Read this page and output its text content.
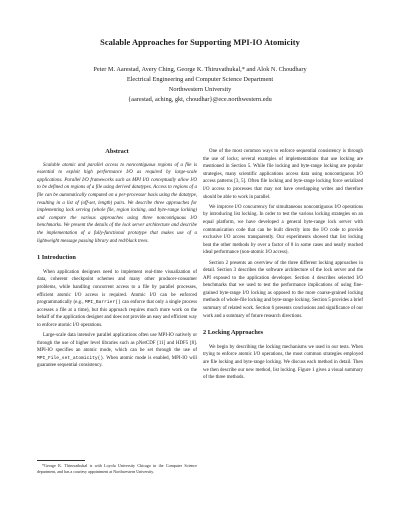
Scalable Approaches for Supporting MPI-IO Atomicity
Peter M. Aarestad, Avery Ching, George K. Thiruvathukal,* and Alok N. Choudhary
Electrical Engineering and Computer Science Department
Northwestern University
{aarestad, aching, gkt, choudhar}@ece.northwestern.edu
Abstract

Scalable atomic and parallel access to noncontiguous regions of a file is essential to exploit high performance I/O as required by large-scale applications. Parallel I/O frameworks such as MPI I/O conceptually allow I/O to be defined on regions of a file using derived datatypes. Access to regions of a file can be automatically computed on a per-processor basis using the datatype, resulting in a list of (off-set, length) pairs. We describe three approaches for implementing lock serving (whole file, region locking, and byte-range locking) and compare the various approaches using three noncontiguous I/O benchmarks. We present the details of the lock server architecture and describe the implementation of a fully-functional prototype that makes use of a lightweight message passing library and red/black trees.

1 Introduction

When application designers need to implement real-time visualization of data, coherent checkpoint schemes and many other producer-consumer problems, while handling concurrent access to a file by parallel processes, efficient atomic I/O access is required. Atomic I/O can be enforced programmatically (e.g., MPI_Barrier() can enforce that only a single process accesses a file at a time), but this approach requires much more work on the behalf of the application designer and does not provide an easy and efficient way to enforce atomic I/O operations.

Large-scale data intensive parallel applications often use MPI-IO natively or through the use of higher level libraries such as pNetCDF [11] and HDF5 [8]. MPI-IO specifies an atomic mode, which can be set through the use of MPI_File_set_atomicity(). When atomic mode is enabled, MPI-IO will guarantee sequential consistency.

One of the most common ways to enforce sequential consistency is through the use of locks; several examples of implementations that use locking are mentioned in Section 5. While file locking and byte-range locking are popular strategies, many scientific applications access data using noncontiguous I/O access patterns [3, 5]. Often file locking and byte-range locking force serialized I/O access to processes that may not have overlapping writes and therefore should be able to work in parallel.

We improve I/O concurrency for simultaneous noncontiguous I/O operations by introducing list locking. In order to test the various locking strategies on an equal platform, we have developed a general byte-range lock server with communication code that can be built directly into the I/O code to provide exclusive I/O access transparently. Our experiments showed that list locking beat the other methods by over a factor of 8 in some cases and nearly reached ideal performance (non-atomic I/O access).

Section 2 presents an overview of the three different locking approaches in detail. Section 3 describes the software architecture of the lock server and the API exposed to the application developer. Section 4 describes selected I/O benchmarks that we used to test the performance implications of using fine-grained byte-range I/O locking as opposed to the more coarse-grained locking methods of whole-file locking and byte-range locking. Section 5 provides a brief summary of related work. Section 6 presents conclusions and significance of our work and a summary of future research directions.

2 Locking Approaches

We begin by describing the locking mechanisms we used in our tests. When trying to enforce atomic I/O operations, the most common strategies employed are file locking and byte-range locking. We discuss each method in detail. Then we then describe our new method, list locking. Figure 1 gives a visual summary of the three methods.

*George K. Thiruvathukal is with Loyola University Chicago in the Computer Science department, and has a courtesy appointment at Northwestern University.
